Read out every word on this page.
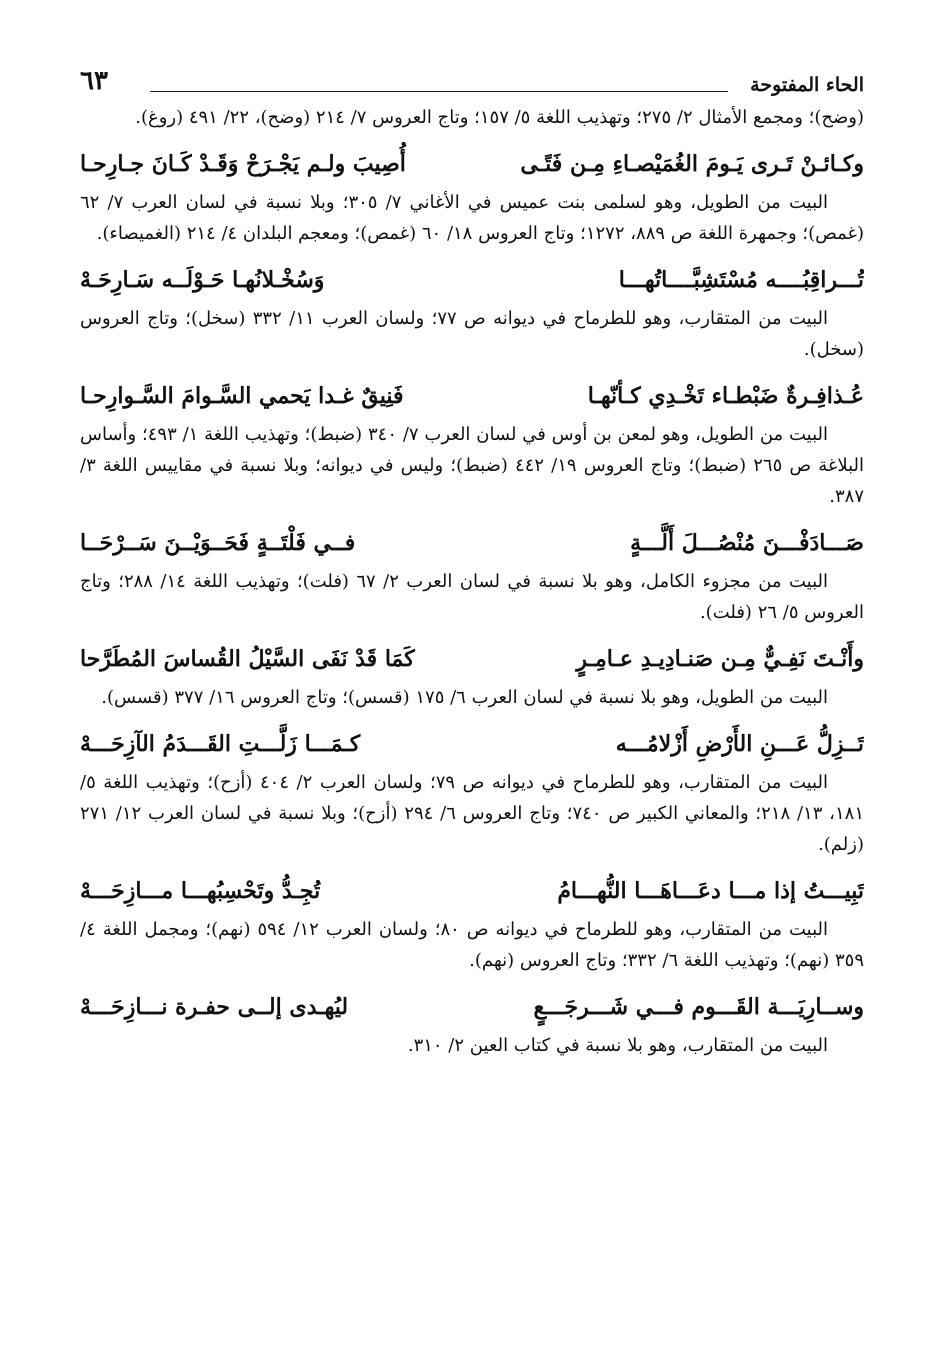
الحاء المفتوحة
٦٣
(وضح)؛ ومجمع الأمثال ٢/ ٢٧٥؛ وتهذيب اللغة ٥/ ١٥٧؛ وتاج العروس ٧/ ٢١٤ (وضح)، ٢٢/ ٤٩١ (روغ).
وكـائـنْ تَـرى يَـومَ الغُمَيْصـاءِ مِـن فَتًـى
أُصِيبَ ولـم يَجْـرَحْ وَقَـدْ كَـانَ جـارِحـا
البيت من الطويل، وهو لسلمى بنت عميس في الأغاني ٧/ ٣٠٥؛ وبلا نسبة في لسان العرب ٧/ ٦٢ (غمص)؛ وجمهرة اللغة ص ٨٨٩، ١٢٧٢؛ وتاج العروس ١٨/ ٦٠ (غمص)؛ ومعجم البلدان ٤/ ٢١٤ (الغميصاء).
تُـــراقِبُــــه مُسْتَشِبَّــــاتُهـــا
وَسُخْـلانُهـا حَـوْلَــه سَـارِحَـهْ
البيت من المتقارب، وهو للطرماح في ديوانه ص ٧٧؛ ولسان العرب ١١/ ٣٣٢ (سخل)؛ وتاج العروس (سخل).
عُـذافِـرةٌ ضَبْطـاء تَخْـدِي كـأنّهـا
فَنِيقٌ غـدا يَحمي السَّـوامَ السَّـوارِحـا
البيت من الطويل، وهو لمعن بن أوس في لسان العرب ٧/ ٣٤٠ (ضبط)؛ وتهذيب اللغة ١/ ٤٩٣؛ وأساس البلاغة ص ٢٦٥ (ضبط)؛ وتاج العروس ١٩/ ٤٤٢ (ضبط)؛ وليس في ديوانه؛ وبلا نسبة في مقاييس اللغة ٣/ ٣٨٧.
صَـــادَفْـــنَ مُنْصُـــلَ أَلَّـــةٍ
فــي فَلْتَــةٍ فَحَــوَيْــنَ سَــرْحَــا
البيت من مجزوء الكامل، وهو بلا نسبة في لسان العرب ٢/ ٦٧ (فلت)؛ وتهذيب اللغة ١٤/ ٢٨٨؛ وتاج العروس ٥/ ٢٦ (فلت).
وأَنْـتَ نَفِـيٌّ مِـن صَنـادِيـدِ عـامِـرٍ
كَمَا قَدْ نَفَى السَّيْلُ القُساسَ المُطَرَّحا
البيت من الطويل، وهو بلا نسبة في لسان العرب ٦/ ١٧٥ (قسس)؛ وتاج العروس ١٦/ ٣٧٧ (قسس).
تَــزِلُّ عَـــنِ الأَرْضِ أَزْلامُـــه
كـمَـــا زَلَّـــتِ القَـــدَمُ الآزِحَـــهْ
البيت من المتقارب، وهو للطرماح في ديوانه ص ٧٩؛ ولسان العرب ٢/ ٤٠٤ (أزح)؛ وتهذيب اللغة ٥/ ١٨١، ١٣/ ٢١٨؛ والمعاني الكبير ص ٧٤٠؛ وتاج العروس ٦/ ٢٩٤ (أزح)؛ وبلا نسبة في لسان العرب ١٢/ ٢٧١ (زلم).
تَبِيـــتُ إذا مـــا دعَـــاهَـــا النُّهـــامُ
تُجِـدُّ وتَحْسِبُهـــا مـــازِحَـــهْ
البيت من المتقارب، وهو للطرماح في ديوانه ص ٨٠؛ ولسان العرب ١٢/ ٥٩٤ (نهم)؛ ومجمل اللغة ٤/ ٣٥٩ (نهم)؛ وتهذيب اللغة ٦/ ٣٣٢؛ وتاج العروس (نهم).
وســارِيَـــة القَـــوم فـــي شَـــرجَـــعٍ
ليُهـدى إلــى حفـرة نـــازِحَـــهْ
البيت من المتقارب، وهو بلا نسبة في كتاب العين ٢/ ٣١٠.
